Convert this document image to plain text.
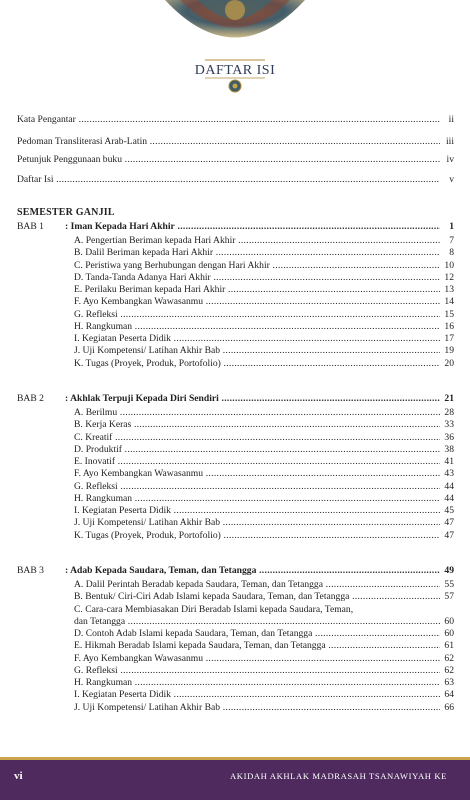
DAFTAR ISI
Kata Pengantar .....	ii
Pedoman Transliterasi Arab-Latin .....	iii
Petunjuk Penggunaan buku .....	iv
Daftar Isi .....	v
SEMESTER GANJIL
BAB 1 : Iman Kepada Hari Akhir .....	1
A. Pengertian Beriman kepada Hari Akhir .....	7
B. Dalil Beriman kepada Hari Akhir .....	8
C. Peristiwa yang Berhubungan dengan Hari Akhir .....	10
D. Tanda-Tanda Adanya Hari Akhir .....	12
E. Perilaku Beriman kepada Hari Akhir .....	13
F. Ayo Kembangkan Wawasanmu .....	14
G. Refleksi .....	15
H. Rangkuman .....	16
I. Kegiatan Peserta Didik .....	17
J. Uji Kompetensi/ Latihan Akhir Bab .....	19
K. Tugas (Proyek, Produk, Portofolio) .....	20
BAB 2 : Akhlak Terpuji Kepada Diri Sendiri .....	21
A. Berilmu .....	28
B. Kerja Keras .....	33
C. Kreatif .....	36
D. Produktif .....	38
E. Inovatif .....	41
F. Ayo Kembangkan Wawasanmu .....	43
G. Refleksi .....	44
H. Rangkuman .....	44
I. Kegiatan Peserta Didik .....	45
J. Uji Kompetensi/ Latihan Akhir Bab .....	47
K. Tugas (Proyek, Produk, Portofolio) .....	47
BAB 3 : Adab Kepada Saudara, Teman, dan Tetangga .....	49
A. Dalil Perintah Beradab kepada Saudara, Teman, dan Tetangga .....	55
B. Bentuk/ Ciri-Ciri Adab Islami kepada Saudara, Teman, dan Tetangga .....	57
C. Cara-cara Membiasakan Diri Beradab Islami kepada Saudara, Teman,
dan Tetangga .....	60
D. Contoh Adab Islami kepada Saudara, Teman, dan Tetangga .....	60
E. Hikmah Beradab Islami kepada Saudara, Teman, dan Tetangga .....	61
F. Ayo Kembangkan Wawasanmu .....	62
G. Refleksi .....	62
H. Rangkuman .....	63
I. Kegiatan Peserta Didik .....	64
J. Uji Kompetensi/ Latihan Akhir Bab .....	66
vi	AKIDAH AKHLAK MADRASAH TSANAWIYAH KE
